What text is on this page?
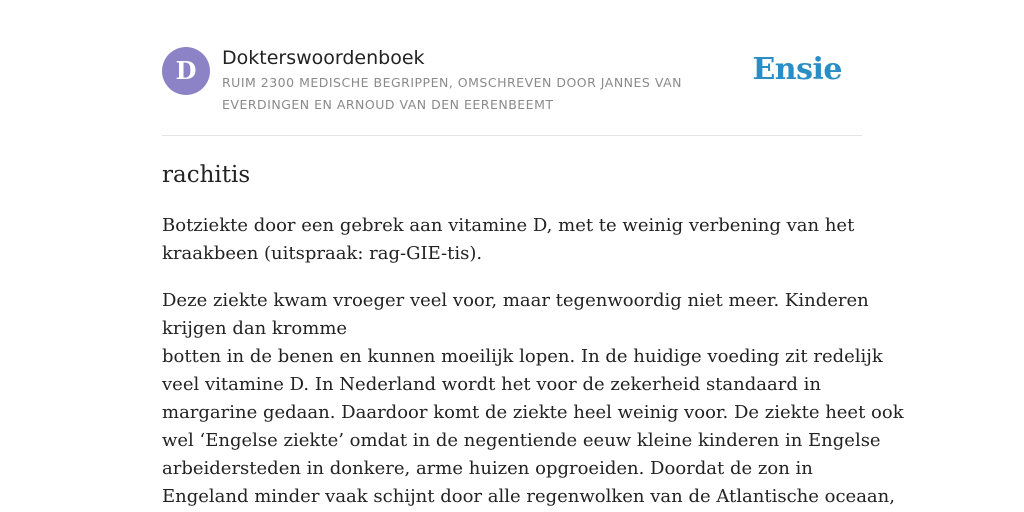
D	Dokterswoordenboek
RUIM 2300 MEDISCHE BEGRIPPEN, OMSCHREVEN DOOR JANNES VAN EVERDINGEN EN ARNOUD VAN DEN EERENBEEMT
Ensie
rachitis

Botziekte door een gebrek aan vitamine D, met te weinig verbening van het
kraakbeen (uitspraak: rag-GIE-tis).

Deze ziekte kwam vroeger veel voor, maar tegenwoordig niet meer. Kinderen
krijgen dan kromme
botten in de benen en kunnen moeilijk lopen. In de huidige voeding zit redelijk
veel vitamine D. In Nederland wordt het voor de zekerheid standaard in
margarine gedaan. Daardoor komt de ziekte heel weinig voor. De ziekte heet ook
wel ‘Engelse ziekte’ omdat in de negentiende eeuw kleine kinderen in Engelse
arbeidersteden in donkere, arme huizen opgroeiden. Doordat de zon in
Engeland minder vaak schijnt door alle regenwolken van de Atlantische oceaan,
